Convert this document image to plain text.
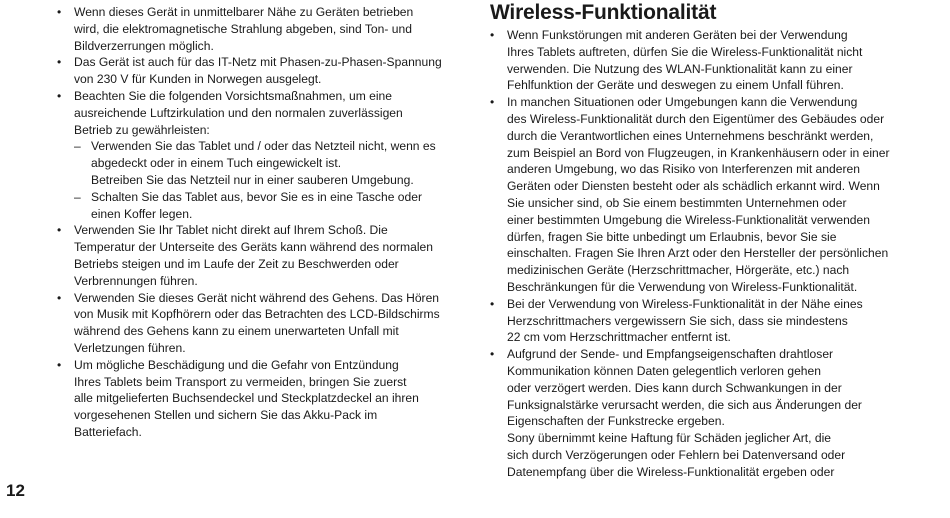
• Wenn dieses Gerät in unmittelbarer Nähe zu Geräten betrieben
wird, die elektromagnetische Strahlung abgeben, sind Ton- und
Bildverzerrungen möglich.
• Das Gerät ist auch für das IT-Netz mit Phasen-zu-Phasen-Spannung
von 230 V für Kunden in Norwegen ausgelegt.
• Beachten Sie die folgenden Vorsichtsmaßnahmen, um eine
ausreichende Luftzirkulation und den normalen zuverlässigen
Betrieb zu gewährleisten:
– Verwenden Sie das Tablet und / oder das Netzteil nicht, wenn es
abgedeckt oder in einem Tuch eingewickelt ist.
Betreiben Sie das Netzteil nur in einer sauberen Umgebung.
– Schalten Sie das Tablet aus, bevor Sie es in eine Tasche oder
einen Koffer legen.
• Verwenden Sie Ihr Tablet nicht direkt auf Ihrem Schoß. Die
Temperatur der Unterseite des Geräts kann während des normalen
Betriebs steigen und im Laufe der Zeit zu Beschwerden oder
Verbrennungen führen.
• Verwenden Sie dieses Gerät nicht während des Gehens. Das Hören
von Musik mit Kopfhörern oder das Betrachten des LCD-Bildschirms
während des Gehens kann zu einem unerwarteten Unfall mit
Verletzungen führen.
• Um mögliche Beschädigung und die Gefahr von Entzündung
Ihres Tablets beim Transport zu vermeiden, bringen Sie zuerst
alle mitgelieferten Buchsendeckel und Steckplatzdeckel an ihren
vorgesehenen Stellen und sichern Sie das Akku-Pack im
Batteriefach.
Wireless-Funktionalität
• Wenn Funkstörungen mit anderen Geräten bei der Verwendung
Ihres Tablets auftreten, dürfen Sie die Wireless-Funktionalität nicht
verwenden. Die Nutzung des WLAN-Funktionalität kann zu einer
Fehlfunktion der Geräte und deswegen zu einem Unfall führen.
• In manchen Situationen oder Umgebungen kann die Verwendung
des Wireless-Funktionalität durch den Eigentümer des Gebäudes oder
durch die Verantwortlichen eines Unternehmens beschränkt werden,
zum Beispiel an Bord von Flugzeugen, in Krankenhäusern oder in einer
anderen Umgebung, wo das Risiko von Interferenzen mit anderen
Geräten oder Diensten besteht oder als schädlich erkannt wird. Wenn
Sie unsicher sind, ob Sie einem bestimmten Unternehmen oder
einer bestimmten Umgebung die Wireless-Funktionalität verwenden
dürfen, fragen Sie bitte unbedingt um Erlaubnis, bevor Sie sie
einschalten. Fragen Sie Ihren Arzt oder den Hersteller der persönlichen
medizinischen Geräte (Herzschrittmacher, Hörgeräte, etc.) nach
Beschränkungen für die Verwendung von Wireless-Funktionalität.
• Bei der Verwendung von Wireless-Funktionalität in der Nähe eines
Herzschrittmachers vergewissern Sie sich, dass sie mindestens
22 cm vom Herzschrittmacher entfernt ist.
• Aufgrund der Sende- und Empfangseigenschaften drahtloser
Kommunikation können Daten gelegentlich verloren gehen
oder verzögert werden. Dies kann durch Schwankungen in der
Funksignalstärke verursacht werden, die sich aus Änderungen der
Eigenschaften der Funkstrecke ergeben.
Sony übernimmt keine Haftung für Schäden jeglicher Art, die
sich durch Verzögerungen oder Fehlern bei Datenversand oder
Datenempfang über die Wireless-Funktionalität ergeben oder
12
